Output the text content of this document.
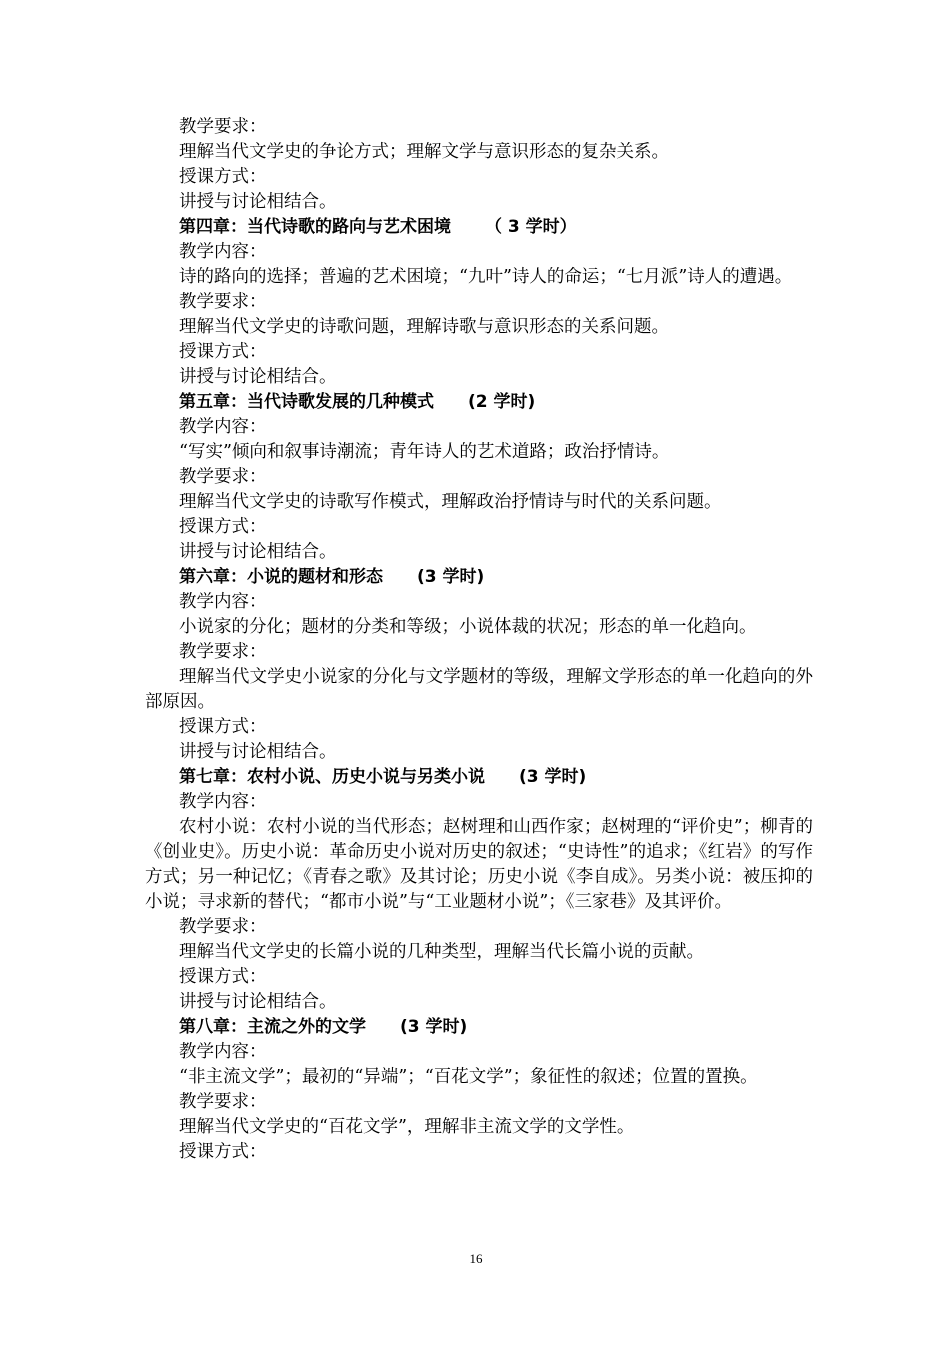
教学要求：
理解当代文学史的争论方式；理解文学与意识形态的复杂关系。
授课方式：
讲授与讨论相结合。
第四章：当代诗歌的路向与艺术困境 （ 3 学时）
教学内容：
诗的路向的选择；普遍的艺术困境；“九叶”诗人的命运；“七月派”诗人的遭遇。
教学要求：
理解当代文学史的诗歌问题，理解诗歌与意识形态的关系问题。
授课方式：
讲授与讨论相结合。
第五章：当代诗歌发展的几种模式 (2 学时)
教学内容：
“写实”倾向和叙事诗潮流；青年诗人的艺术道路；政治抒情诗。
教学要求：
理解当代文学史的诗歌写作模式，理解政治抒情诗与时代的关系问题。
授课方式：
讲授与讨论相结合。
第六章：小说的题材和形态 (3 学时)
教学内容：
小说家的分化；题材的分类和等级；小说体裁的状况；形态的单一化趋向。
教学要求：
理解当代文学史小说家的分化与文学题材的等级，理解文学形态的单一化趋向的外部原因。
授课方式：
讲授与讨论相结合。
第七章：农村小说、历史小说与另类小说 (3 学时)
教学内容：
农村小说：农村小说的当代形态；赵树理和山西作家；赵树理的“评价史”；柳青的《创业史》。历史小说：革命历史小说对历史的叙述；“史诗性”的追求；《红岩》的写作方式；另一种记忆；《青春之歌》及其讨论；历史小说《李自成》。另类小说：被压抑的小说；寻求新的替代；“都市小说”与“工业题材小说”；《三家巷》及其评价。
教学要求：
理解当代文学史的长篇小说的几种类型，理解当代长篇小说的贡献。
授课方式：
讲授与讨论相结合。
第八章：主流之外的文学 (3 学时)
教学内容：
“非主流文学”；最初的“异端”；“百花文学”；象征性的叙述；位置的置换。
教学要求：
理解当代文学史的“百花文学”，理解非主流文学的文学性。
授课方式：
16
